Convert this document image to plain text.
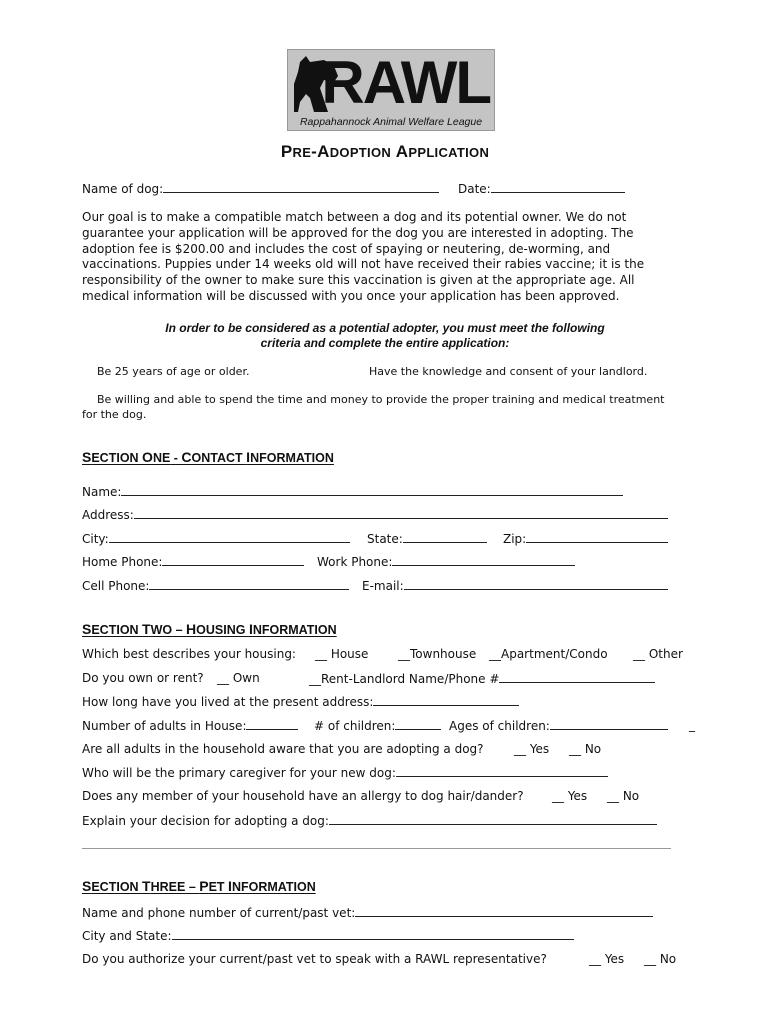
RAWL
Rappahannock Animal Welfare League
PRE-ADOPTION APPLICATION
Name of dog:	Date:
Our goal is to make a compatible match between a dog and its potential owner. We do not
guarantee your application will be approved for the dog you are interested in adopting. The
adoption fee is $200.00 and includes the cost of spaying or neutering, de-worming, and
vaccinations. Puppies under 14 weeks old will not have received their rabies vaccine; it is the
responsibility of the owner to make sure this vaccination is given at the appropriate age. All
medical information will be discussed with you once your application has been approved.
In order to be considered as a potential adopter, you must meet the following
criteria and complete the entire application:
Be 25 years of age or older.	Have the knowledge and consent of your landlord.
Be willing and able to spend the time and money to provide the proper training and medical treatment
for the dog.
SECTION ONE - CONTACT INFORMATION
Name:
Address:
City:	State:	Zip:
Home Phone:	Work Phone:
Cell Phone:	E-mail:
SECTION TWO – HOUSING INFORMATION
Which best describes your housing: __ House __Townhouse __Apartment/Condo __ Other
Do you own or rent? __ Own	__Rent-Landlord Name/Phone #
How long have you lived at the present address:
Number of adults in House:	# of children:	Ages of children:	_
Are all adults in the household aware that you are adopting a dog?	__ Yes __ No
Who will be the primary caregiver for your new dog:
Does any member of your household have an allergy to dog hair/dander? __ Yes __ No
Explain your decision for adopting a dog:
SECTION THREE – PET INFORMATION
Name and phone number of current/past vet:
City and State:
Do you authorize your current/past vet to speak with a RAWL representative?	__ Yes __ No
